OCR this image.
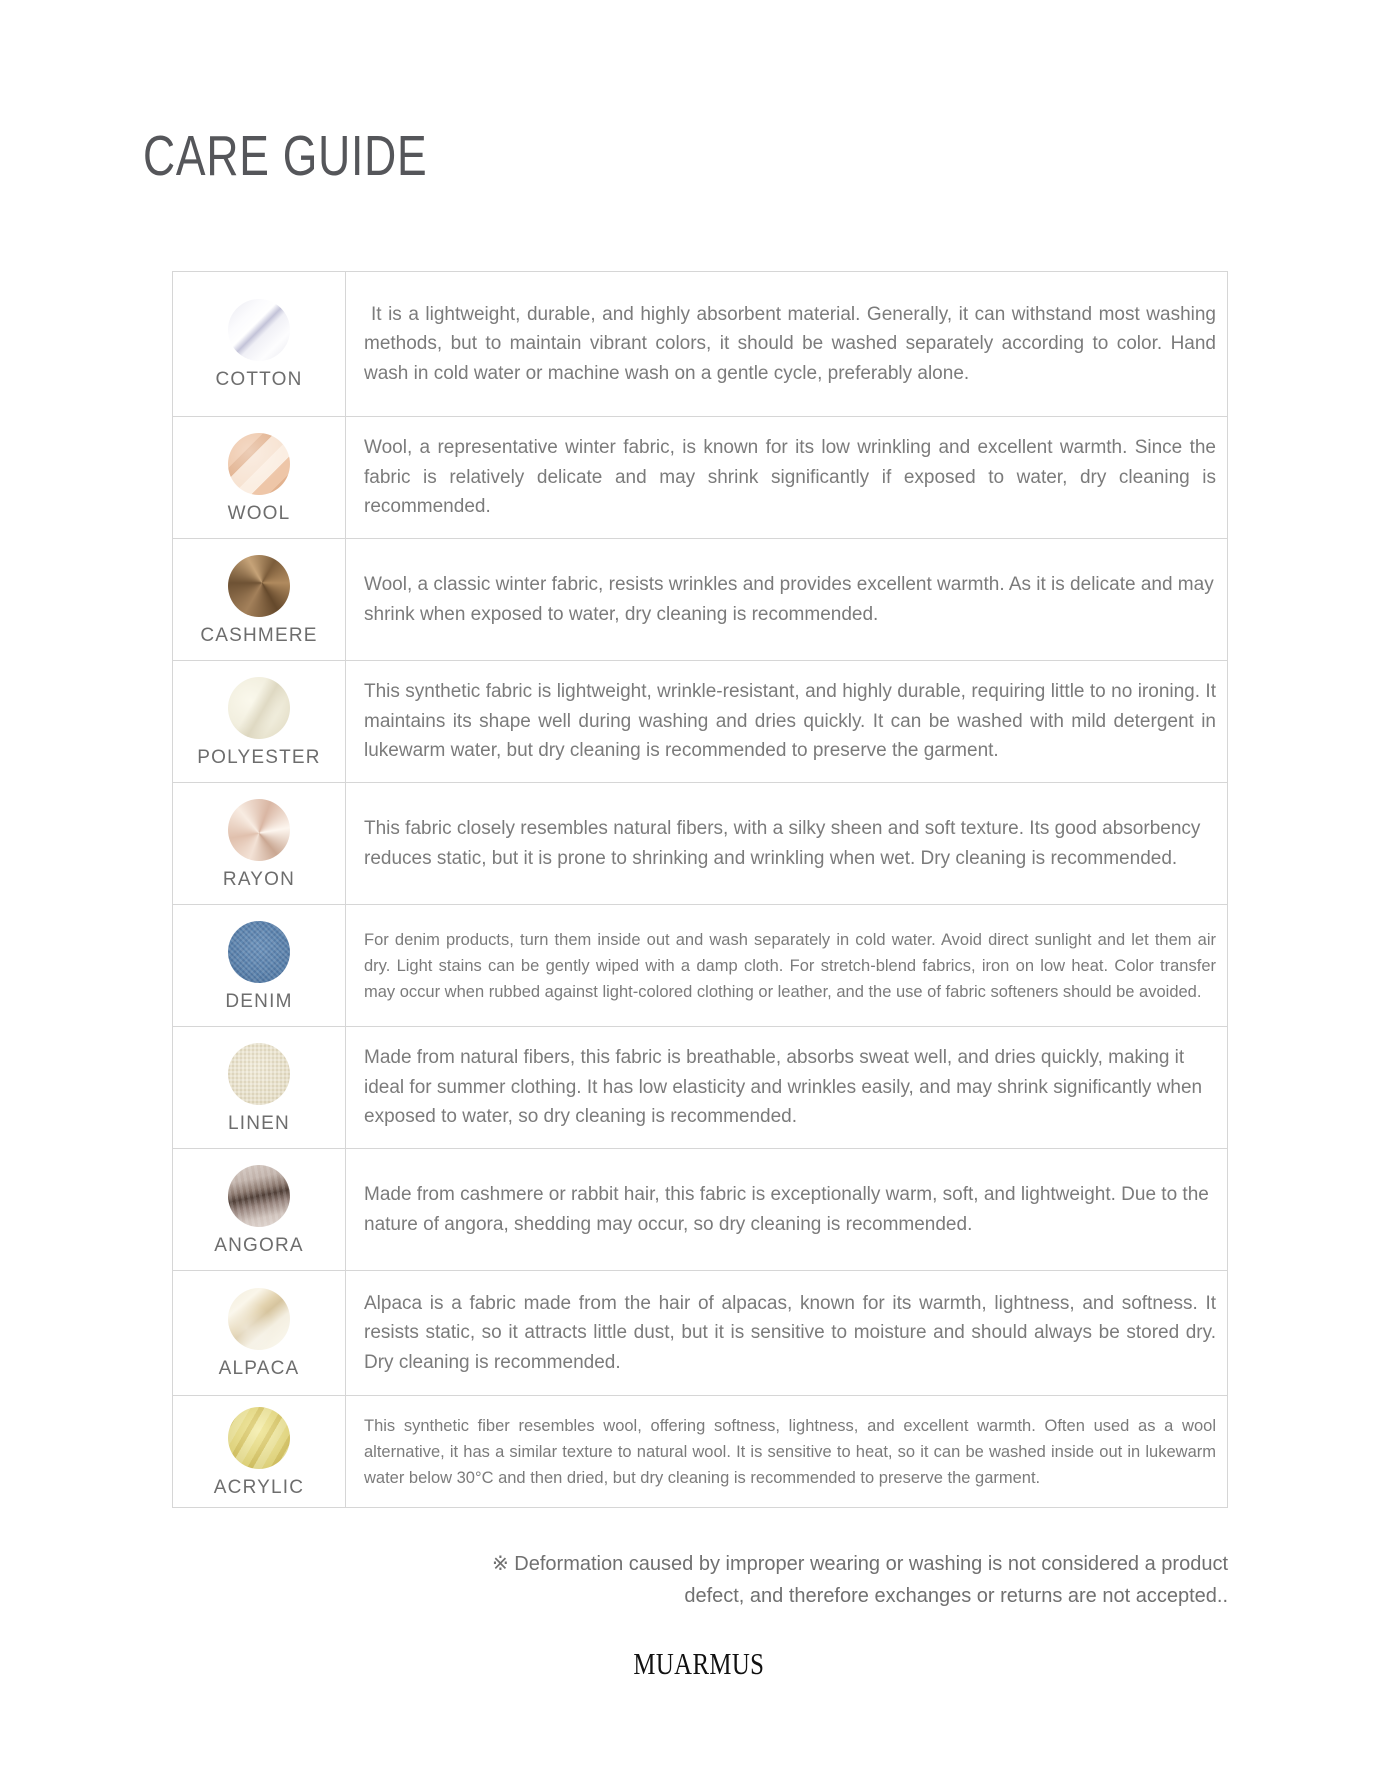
CARE GUIDE
COTTON

It is a lightweight, durable, and highly absorbent material. Generally, it can withstand most washing methods, but to maintain vibrant colors, it should be washed separately according to color. Hand wash in cold water or machine wash on a gentle cycle, preferably alone.

WOOL

Wool, a representative winter fabric, is known for its low wrinkling and excellent warmth. Since the fabric is relatively delicate and may shrink significantly if exposed to water, dry cleaning is recommended.

CASHMERE

Wool, a classic winter fabric, resists wrinkles and provides excellent warmth. As it is delicate and may shrink when exposed to water, dry cleaning is recommended.

POLYESTER

This synthetic fabric is lightweight, wrinkle-resistant, and highly durable, requiring little to no ironing. It maintains its shape well during washing and dries quickly. It can be washed with mild detergent in lukewarm water, but dry cleaning is recommended to preserve the garment.

RAYON

This fabric closely resembles natural fibers, with a silky sheen and soft texture. Its good absorbency reduces static, but it is prone to shrinking and wrinkling when wet. Dry cleaning is recommended.

DENIM

For denim products, turn them inside out and wash separately in cold water. Avoid direct sunlight and let them air dry. Light stains can be gently wiped with a damp cloth. For stretch-blend fabrics, iron on low heat. Color transfer may occur when rubbed against light-colored clothing or leather, and the use of fabric softeners should be avoided.

LINEN

Made from natural fibers, this fabric is breathable, absorbs sweat well, and dries quickly, making it ideal for summer clothing. It has low elasticity and wrinkles easily, and may shrink significantly when exposed to water, so dry cleaning is recommended.

ANGORA

Made from cashmere or rabbit hair, this fabric is exceptionally warm, soft, and lightweight. Due to the nature of angora, shedding may occur, so dry cleaning is recommended.

ALPACA

Alpaca is a fabric made from the hair of alpacas, known for its warmth, lightness, and softness. It resists static, so it attracts little dust, but it is sensitive to moisture and should always be stored dry. Dry cleaning is recommended.

ACRYLIC

This synthetic fiber resembles wool, offering softness, lightness, and excellent warmth. Often used as a wool alternative, it has a similar texture to natural wool. It is sensitive to heat, so it can be washed inside out in lukewarm water below 30°C and then dried, but dry cleaning is recommended to preserve the garment.

※ Deformation caused by improper wearing or washing is not considered a product
defect, and therefore exchanges or returns are not accepted..
MUARMUS
